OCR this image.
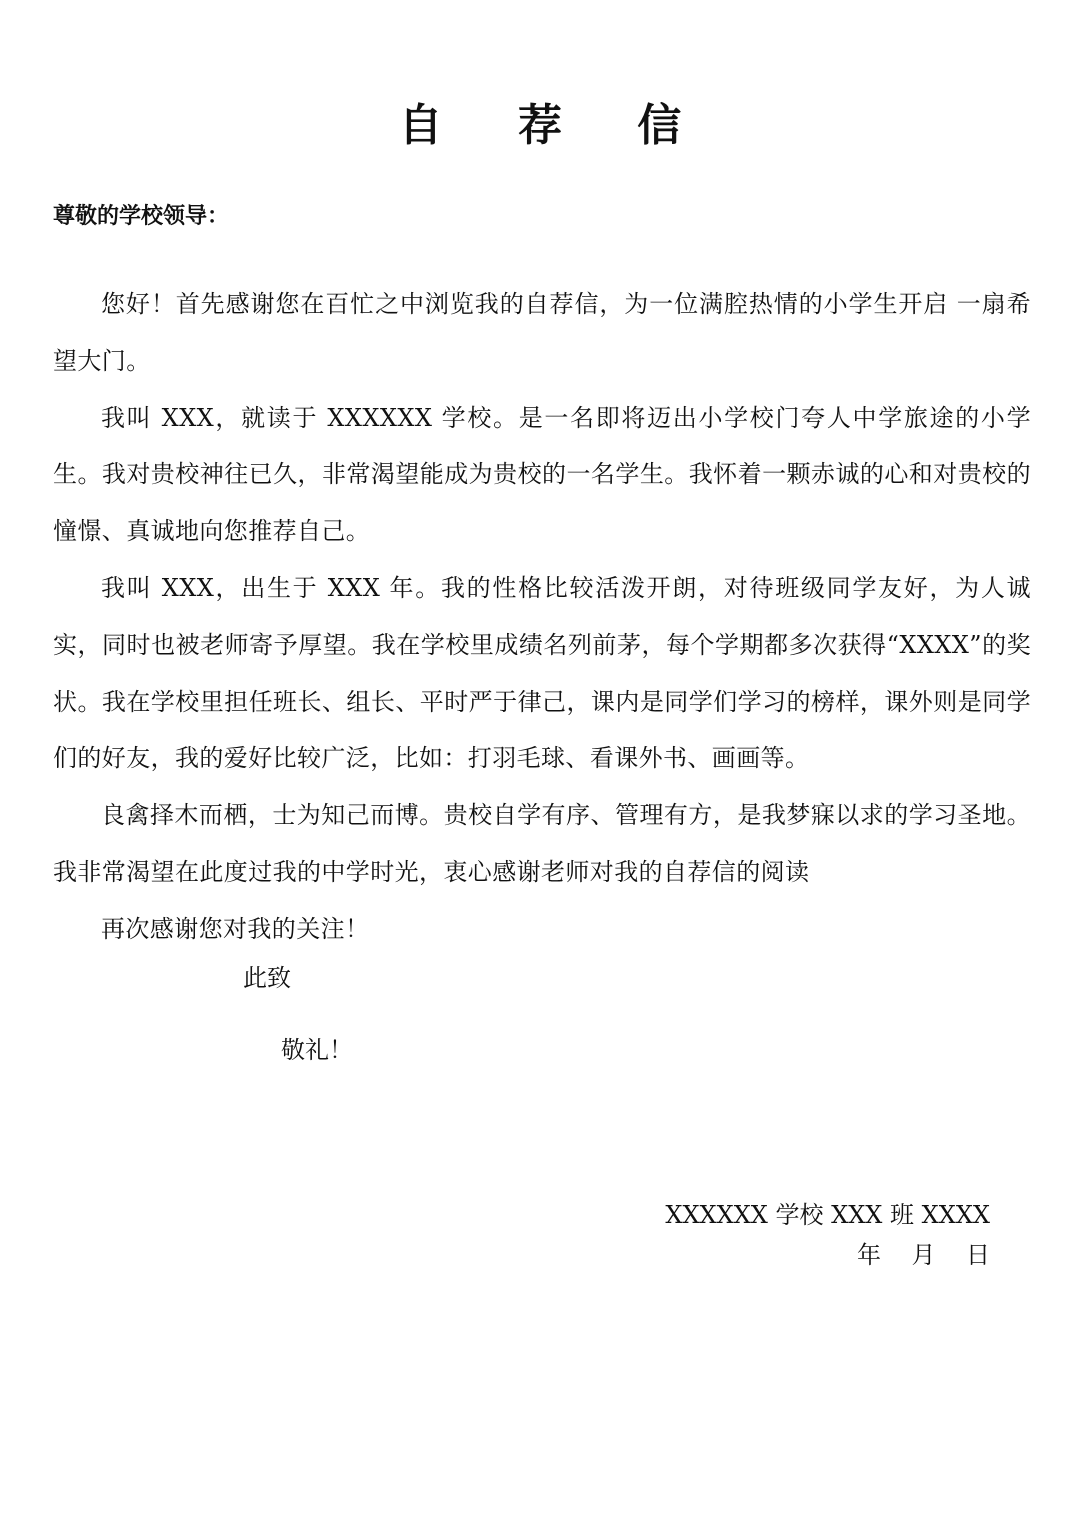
自 荐 信
尊敬的学校领导：

您好！首先感谢您在百忙之中浏览我的自荐信，为一位满腔热情的小学生开启 一扇希望大门。

我叫 XXX，就读于 XXXXXX 学校。是一名即将迈出小学校门夸人中学旅途的小学生。我对贵校神往已久，非常渴望能成为贵校的一名学生。我怀着一颗赤诚的心和对贵校的憧憬、真诚地向您推荐自己。

我叫 XXX，出生于 XXX 年。我的性格比较活泼开朗，对待班级同学友好，为人诚实，同时也被老师寄予厚望。我在学校里成绩名列前茅，每个学期都多次获得“XXXX”的奖状。我在学校里担任班长、组长、平时严于律己，课内是同学们学习的榜样，课外则是同学们的好友，我的爱好比较广泛，比如：打羽毛球、看课外书、画画等。

良禽择木而栖，士为知己而博。贵校自学有序、管理有方，是我梦寐以求的学习圣地。我非常渴望在此度过我的中学时光，衷心感谢老师对我的自荐信的阅读

再次感谢您对我的关注！

此致
敬礼！
XXXXXX 学校 XXX 班 XXXX
年    月    日
